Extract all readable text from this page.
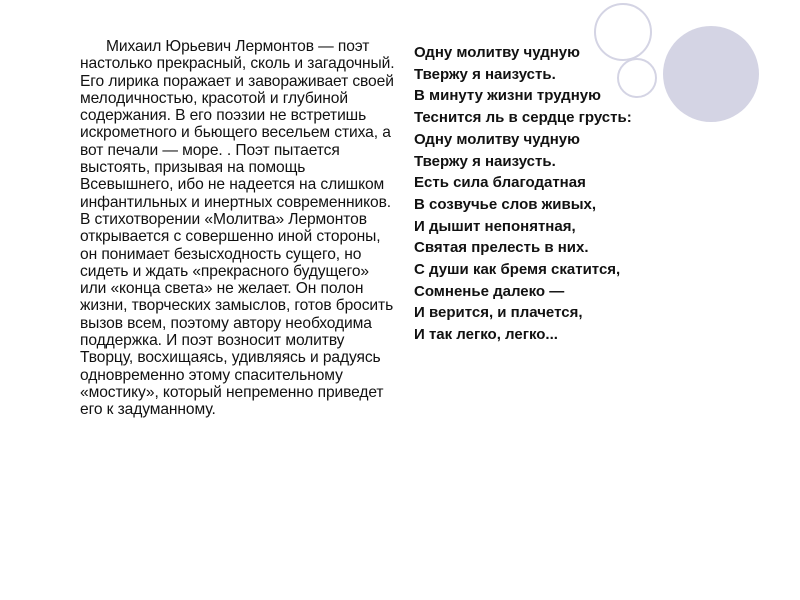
Михаил Юрьевич Лермонтов — поэт настолько прекрасный, сколь и загадочный. Его лирика поражает и завораживает своей мелодичностью, красотой и глубиной содержания. В его поэзии не встретишь искрометного и бьющего весельем стиха, а вот печали — море. . Поэт пытается выстоять, призывая на помощь Всевышнего, ибо не надеется на слишком инфантильных и инертных современников. В стихотворении «Молитва» Лермонтов открывается с совершенно иной стороны, он понимает безысходность сущего, но сидеть и ждать «прекрасного будущего» или «конца света» не желает. Он полон жизни, творческих замыслов, готов бросить вызов всем, поэтому автору необходима поддержка. И поэт возносит молитву Творцу, восхищаясь, удивляясь и радуясь одновременно этому спасительному «мостику», который непременно приведет его к задуманному.

Одну молитву чудную
Твержу я наизусть.
В минуту жизни трудную
Теснится ль в сердце грусть:
Одну молитву чудную
Твержу я наизусть.
Есть сила благодатная
В созвучье слов живых,
И дышит непонятная,
Святая прелесть в них.
С души как бремя скатится,
Сомненье далеко —
И верится, и плачется,
И так легко, легко...
